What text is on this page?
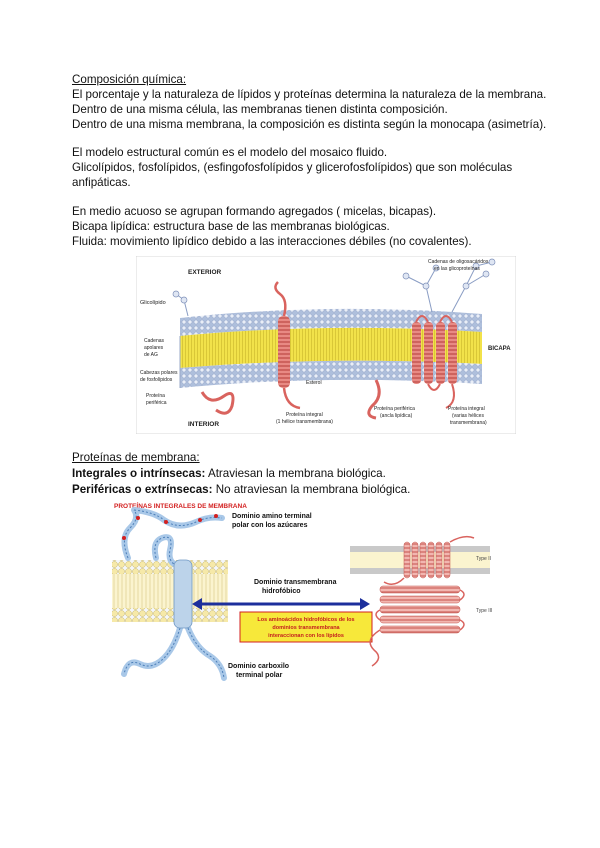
Composición química:
El porcentaje y la naturaleza de lípidos y proteínas determina la naturaleza de la membrana.
Dentro de una misma célula, las membranas tienen distinta composición.
Dentro de una misma membrana, la composición es distinta según la monocapa (asimetría).
El modelo estructural común es el modelo del mosaico fluido.
Glicolípidos, fosfolípidos, (esfingofosfolípidos y glicerofosfolípidos) que son moléculas
anfipáticas.
En medio acuoso se agrupan formando agregados ( micelas, bicapas).
Bicapa lipídica: estructura base de las membranas biológicas.
Fluida: movimiento lipídico debido a las interacciones débiles (no covalentes).
EXTERIOR
INTERIOR
BICAPA
Glicolípido
Cadenas
apolares
de AG
Cabezas polares
de fosfolípidos
Proteína
periférica
Esterol
Proteína integral
(1 hélice transmembrana)
Proteína periférica
(ancla lipídica)
Proteína integral
(varias hélices
transmembrana)
Cadenas de oligosacáridos
en las glicoproteínas
Proteínas de membrana:
Integrales o intrínsecas: Atraviesan la membrana biológica.
Periféricas o extrínsecas: No atraviesan la membrana biológica.
PROTEÍNAS INTEGRALES DE MEMBRANA
Dominio amino terminal
polar con los azúcares
Dominio transmembrana
hidrofóbico
Los aminoácidos hidrofóbicos de los
dominios transmembrana
interaccionan con los lípidos
Dominio carboxilo
terminal polar
Type II
Type III
